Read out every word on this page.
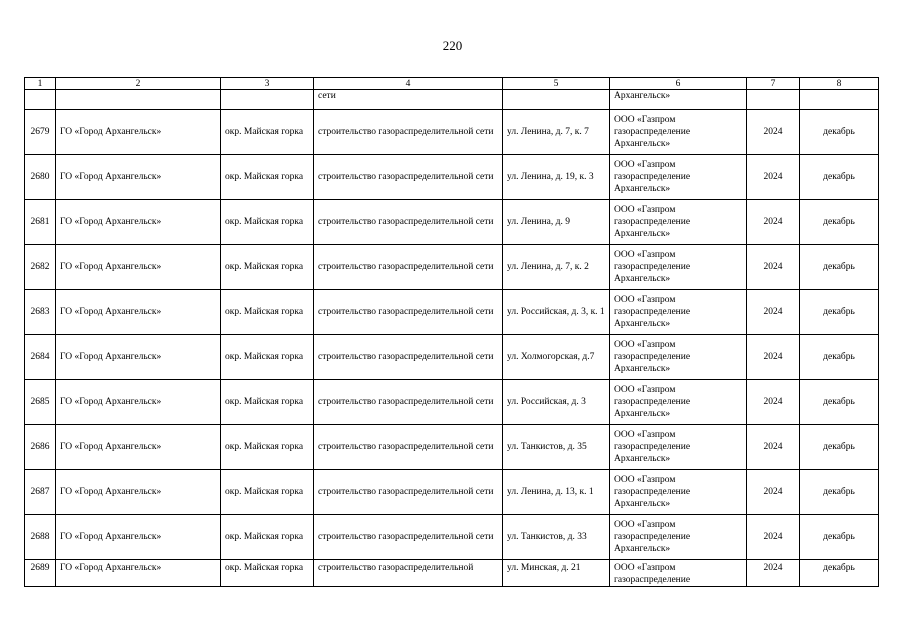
220
1	2	3	4	5	6	7	8
			сети		Архангельск»		
2679	ГО «Город Архангельск»	окр. Майская горка	строительство газораспределительной сети	ул. Ленина, д. 7, к. 7	ООО «Газпром газораспределение Архангельск»	2024	декабрь
2680	ГО «Город Архангельск»	окр. Майская горка	строительство газораспределительной сети	ул. Ленина, д. 19, к. 3	ООО «Газпром газораспределение Архангельск»	2024	декабрь
2681	ГО «Город Архангельск»	окр. Майская горка	строительство газораспределительной сети	ул. Ленина, д. 9	ООО «Газпром газораспределение Архангельск»	2024	декабрь
2682	ГО «Город Архангельск»	окр. Майская горка	строительство газораспределительной сети	ул. Ленина, д. 7, к. 2	ООО «Газпром газораспределение Архангельск»	2024	декабрь
2683	ГО «Город Архангельск»	окр. Майская горка	строительство газораспределительной сети	ул. Российская, д. 3, к. 1	ООО «Газпром газораспределение Архангельск»	2024	декабрь
2684	ГО «Город Архангельск»	окр. Майская горка	строительство газораспределительной сети	ул. Холмогорская, д.7	ООО «Газпром газораспределение Архангельск»	2024	декабрь
2685	ГО «Город Архангельск»	окр. Майская горка	строительство газораспределительной сети	ул. Российская, д. 3	ООО «Газпром газораспределение Архангельск»	2024	декабрь
2686	ГО «Город Архангельск»	окр. Майская горка	строительство газораспределительной сети	ул. Танкистов, д. 35	ООО «Газпром газораспределение Архангельск»	2024	декабрь
2687	ГО «Город Архангельск»	окр. Майская горка	строительство газораспределительной сети	ул. Ленина, д. 13, к. 1	ООО «Газпром газораспределение Архангельск»	2024	декабрь
2688	ГО «Город Архангельск»	окр. Майская горка	строительство газораспределительной сети	ул. Танкистов, д. 33	ООО «Газпром газораспределение Архангельск»	2024	декабрь
2689	ГО «Город Архангельск»	окр. Майская горка	строительство газораспределительной	ул. Минская, д. 21	ООО «Газпром газораспределение	2024	декабрь
